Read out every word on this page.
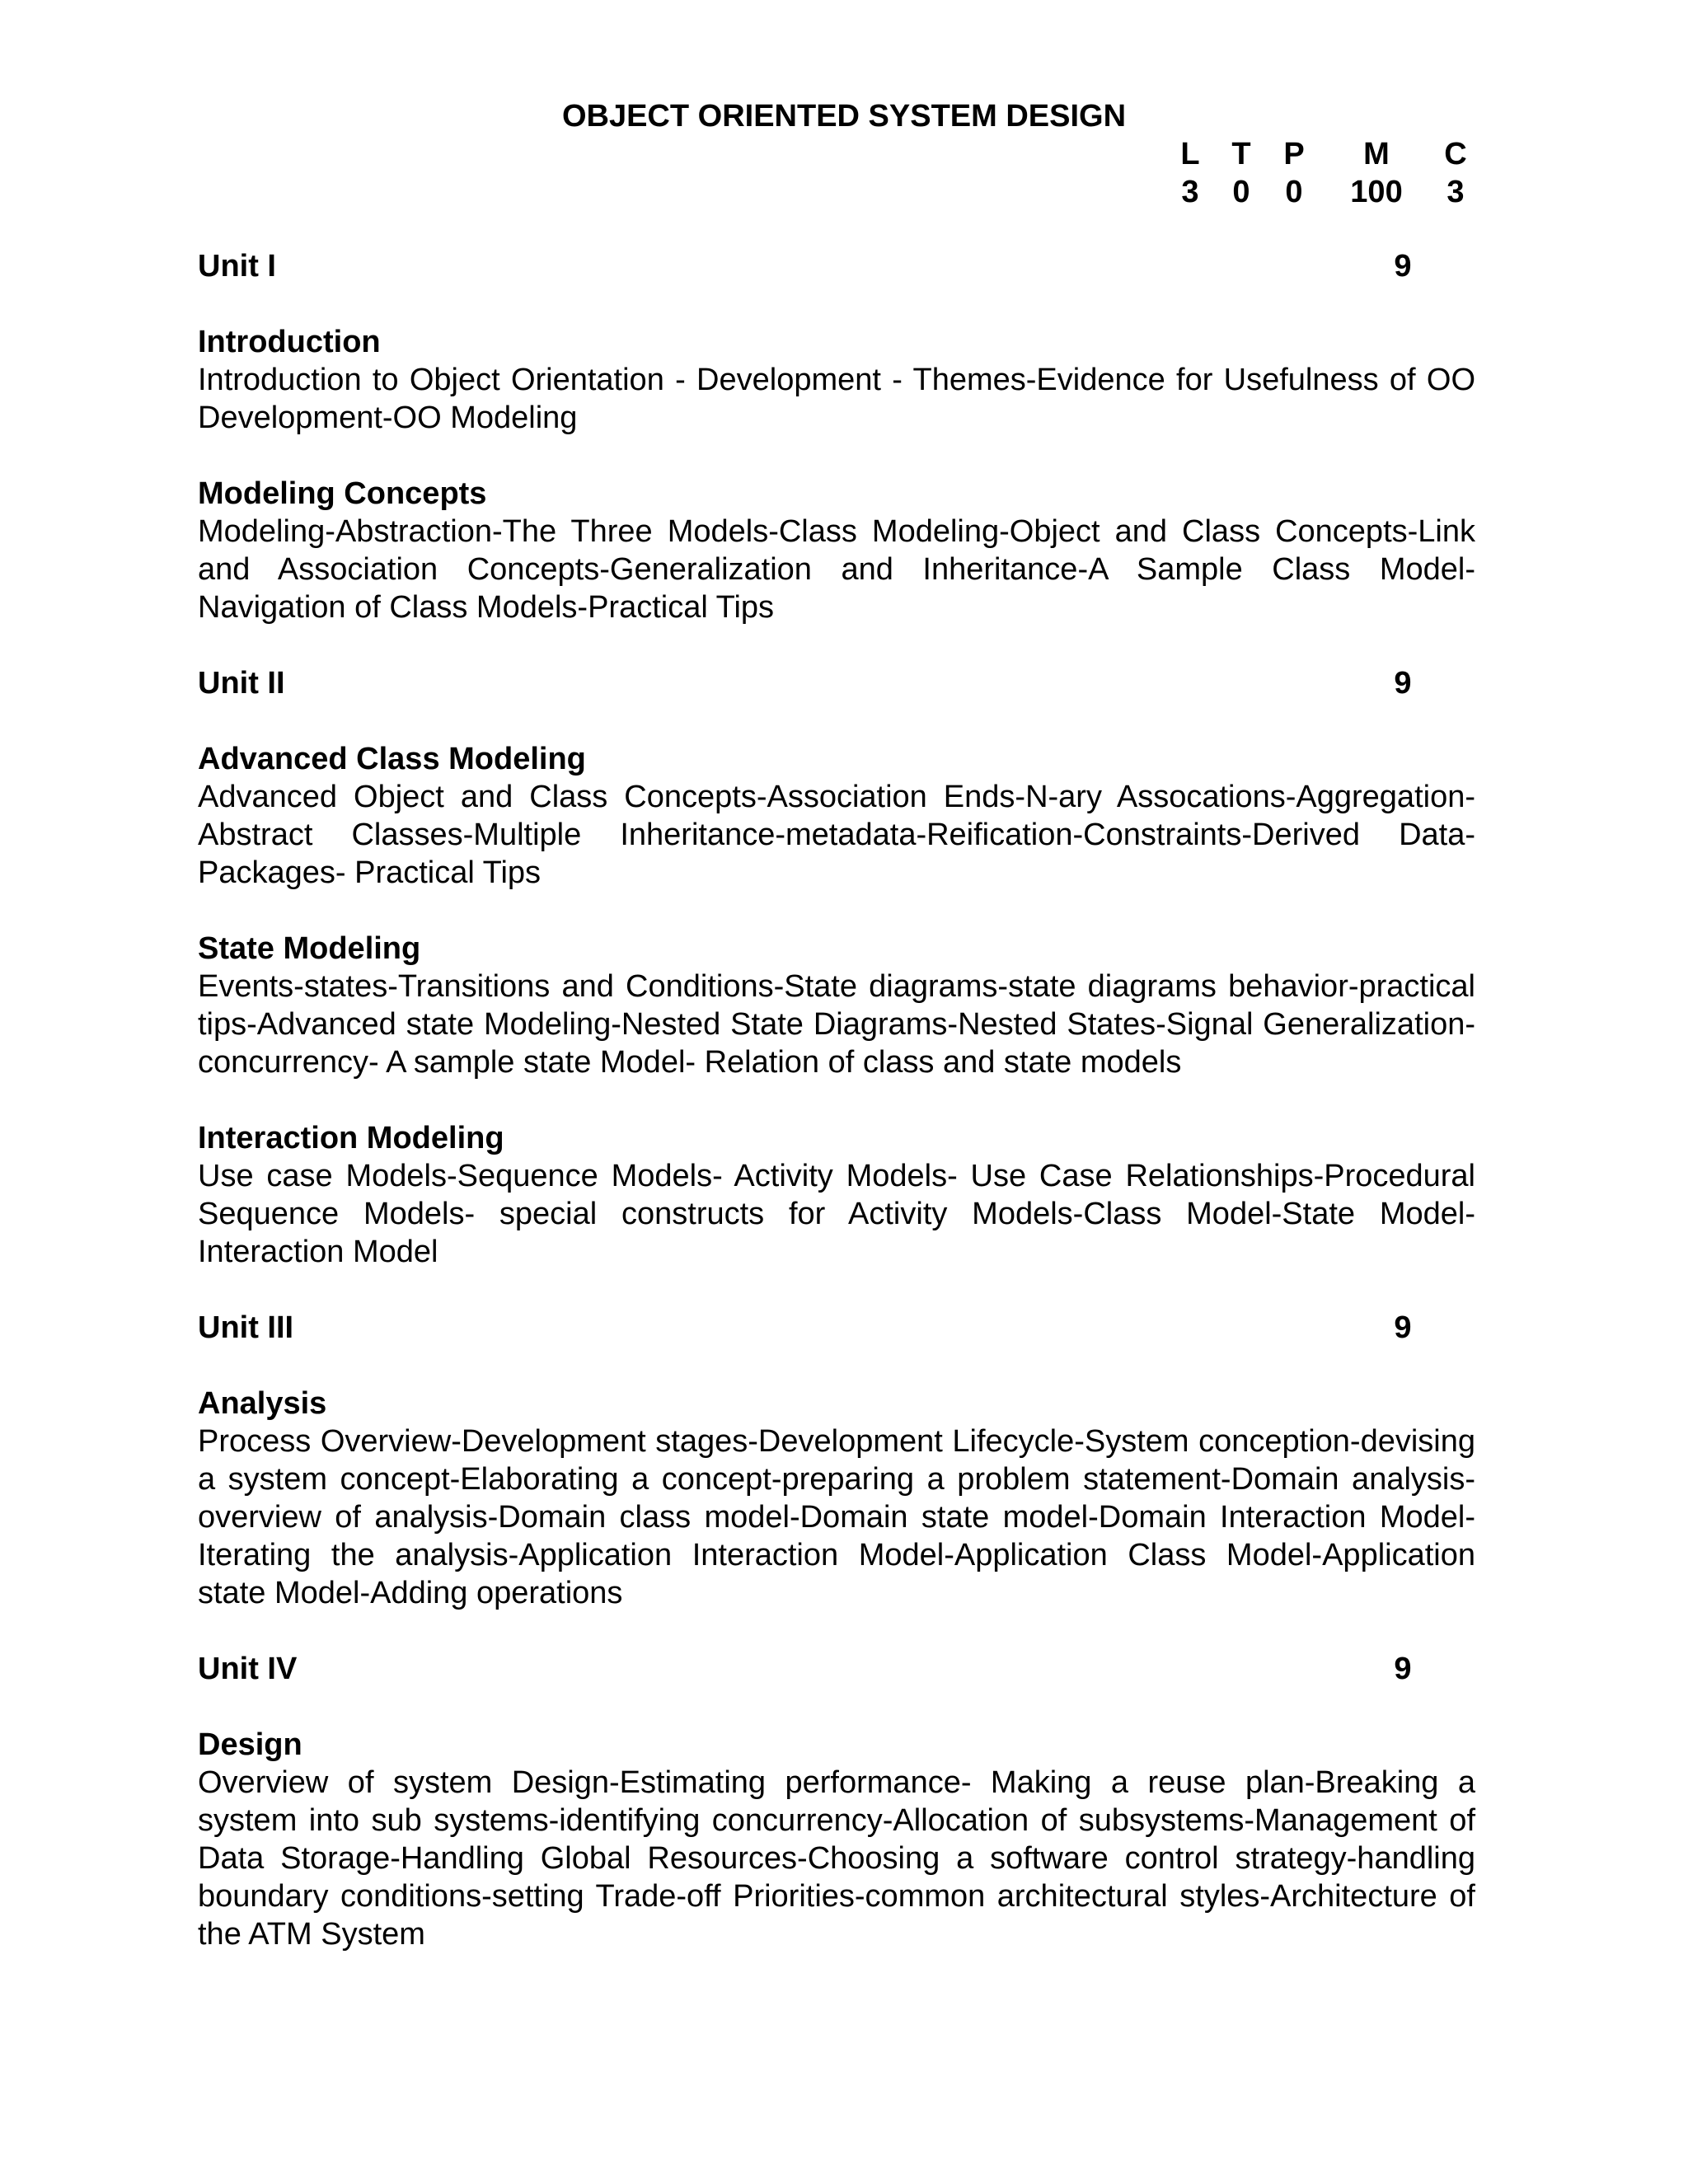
OBJECT ORIENTED SYSTEM DESIGN
L T P	M	C
3	0	0	100	3
Unit I	9

Introduction

Introduction to Object Orientation - Development - Themes-Evidence for Usefulness of OO Development-OO Modeling

Modeling Concepts

Modeling-Abstraction-The Three Models-Class Modeling-Object and Class Concepts-Link and Association Concepts-Generalization and Inheritance-A Sample Class Model-Navigation of Class Models-Practical Tips

Unit II	9

Advanced Class Modeling

Advanced Object and Class Concepts-Association Ends-N-ary Assocations-Aggregation-Abstract Classes-Multiple Inheritance-metadata-Reification-Constraints-Derived Data-Packages- Practical Tips

State Modeling

Events-states-Transitions and Conditions-State diagrams-state diagrams behavior-practical tips-Advanced state Modeling-Nested State Diagrams-Nested States-Signal Generalization-concurrency- A sample state Model- Relation of class and state models

Interaction Modeling

Use case Models-Sequence Models- Activity Models- Use Case Relationships-Procedural Sequence Models- special constructs for Activity Models-Class Model-State Model-Interaction Model

Unit III	9

Analysis

Process Overview-Development stages-Development Lifecycle-System conception-devising a system concept-Elaborating a concept-preparing a problem statement-Domain analysis-overview of analysis-Domain class model-Domain state model-Domain Interaction Model-Iterating the analysis-Application Interaction Model-Application Class Model-Application state Model-Adding operations

Unit IV	9

Design

Overview of system Design-Estimating performance- Making a reuse plan-Breaking a system into sub systems-identifying concurrency-Allocation of subsystems-Management of Data Storage-Handling Global Resources-Choosing a software control strategy-handling boundary conditions-setting Trade-off Priorities-common architectural styles-Architecture of the ATM System
